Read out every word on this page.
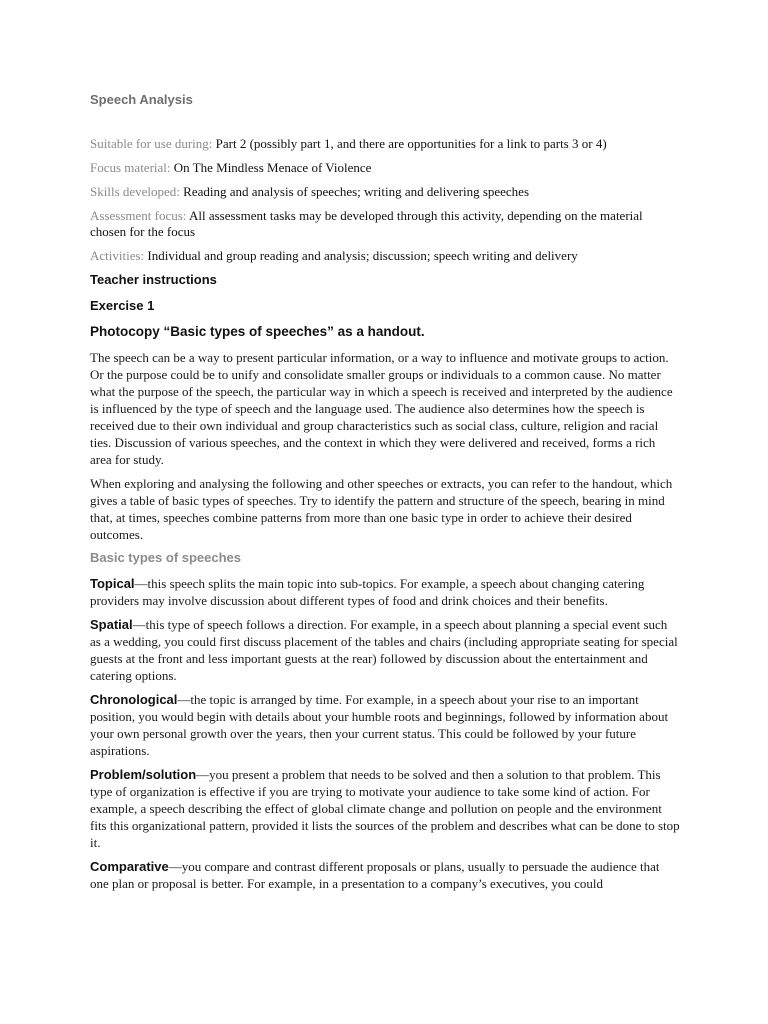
Speech Analysis
Suitable for use during: Part 2 (possibly part 1, and there are opportunities for a link to parts 3 or 4)
Focus material: On The Mindless Menace of Violence
Skills developed: Reading and analysis of speeches; writing and delivering speeches
Assessment focus: All assessment tasks may be developed through this activity, depending on the material chosen for the focus
Activities: Individual and group reading and analysis; discussion; speech writing and delivery
Teacher instructions
Exercise 1
Photocopy “Basic types of speeches” as a handout.

The speech can be a way to present particular information, or a way to influence and motivate groups to action. Or the purpose could be to unify and consolidate smaller groups or individuals to a common cause. No matter what the purpose of the speech, the particular way in which a speech is received and interpreted by the audience is influenced by the type of speech and the language used. The audience also determines how the speech is received due to their own individual and group characteristics such as social class, culture, religion and racial ties. Discussion of various speeches, and the context in which they were delivered and received, forms a rich area for study.

When exploring and analysing the following and other speeches or extracts, you can refer to the handout, which gives a table of basic types of speeches. Try to identify the pattern and structure of the speech, bearing in mind that, at times, speeches combine patterns from more than one basic type in order to achieve their desired outcomes.

Basic types of speeches

Topical—this speech splits the main topic into sub-topics. For example, a speech about changing catering providers may involve discussion about different types of food and drink choices and their benefits.

Spatial—this type of speech follows a direction. For example, in a speech about planning a special event such as a wedding, you could first discuss placement of the tables and chairs (including appropriate seating for special guests at the front and less important guests at the rear) followed by discussion about the entertainment and catering options.

Chronological—the topic is arranged by time. For example, in a speech about your rise to an important position, you would begin with details about your humble roots and beginnings, followed by information about your own personal growth over the years, then your current status. This could be followed by your future aspirations.

Problem/solution—you present a problem that needs to be solved and then a solution to that problem. This type of organization is effective if you are trying to motivate your audience to take some kind of action. For example, a speech describing the effect of global climate change and pollution on people and the environment fits this organizational pattern, provided it lists the sources of the problem and describes what can be done to stop it.

Comparative—you compare and contrast different proposals or plans, usually to persuade the audience that one plan or proposal is better. For example, in a presentation to a company’s executives, you could
